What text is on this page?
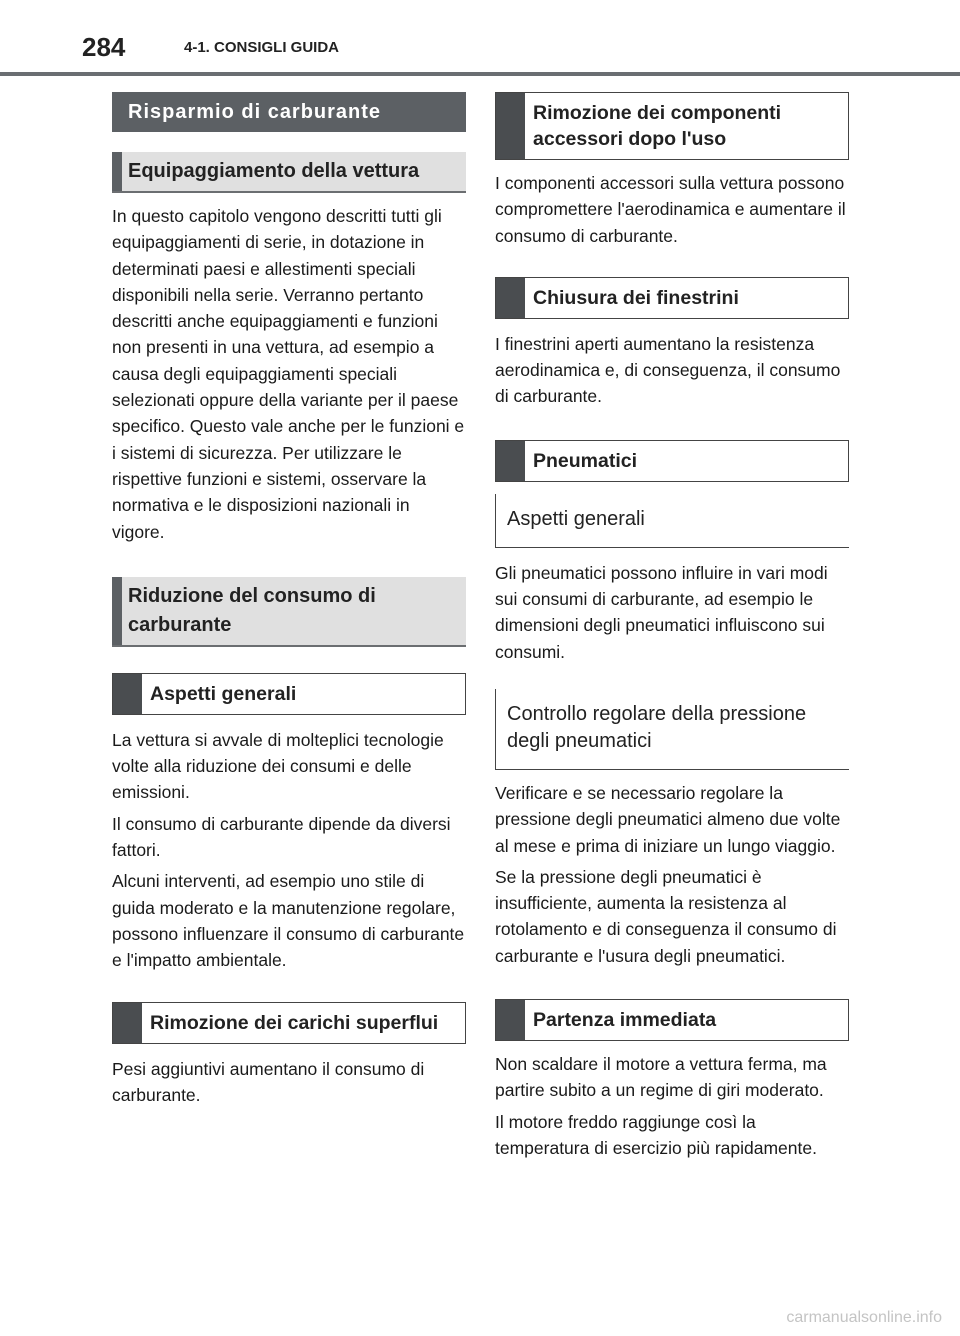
284	4-1. CONSIGLI GUIDA
Risparmio di carburante
Equipaggiamento della vettura

In questo capitolo vengono descritti tutti gli equipaggiamenti di serie, in dotazione in determinati paesi e allestimenti speciali disponibili nella serie. Verranno pertanto descritti anche equipaggiamenti e funzioni non presenti in una vettura, ad esempio a causa degli equipaggiamenti speciali selezionati oppure della variante per il paese specifico. Questo vale anche per le funzioni e i sistemi di sicurezza. Per utilizzare le rispettive funzioni e sistemi, osservare la normativa e le disposizioni nazionali in vigore.

Riduzione del consumo di carburante
Aspetti generali

La vettura si avvale di molteplici tecnologie volte alla riduzione dei consumi e delle emissioni.

Il consumo di carburante dipende da diversi fattori.

Alcuni interventi, ad esempio uno stile di guida moderato e la manutenzione regolare, possono influenzare il consumo di carburante e l'impatto ambientale.

Rimozione dei carichi superflui

Pesi aggiuntivi aumentano il consumo di carburante.

Rimozione dei componenti accessori dopo l'uso

I componenti accessori sulla vettura possono compromettere l'aerodinamica e aumentare il consumo di carburante.

Chiusura dei finestrini

I finestrini aperti aumentano la resistenza aerodinamica e, di conseguenza, il consumo di carburante.

Pneumatici
Aspetti generali

Gli pneumatici possono influire in vari modi sui consumi di carburante, ad esempio le dimensioni degli pneumatici influiscono sui consumi.

Controllo regolare della pressione degli pneumatici

Verificare e se necessario regolare la pressione degli pneumatici almeno due volte al mese e prima di iniziare un lungo viaggio.

Se la pressione degli pneumatici è insufficiente, aumenta la resistenza al rotolamento e di conseguenza il consumo di carburante e l'usura degli pneumatici.

Partenza immediata

Non scaldare il motore a vettura ferma, ma partire subito a un regime di giri moderato.

Il motore freddo raggiunge così la temperatura di esercizio più rapidamente.

carmanualsonline.info
